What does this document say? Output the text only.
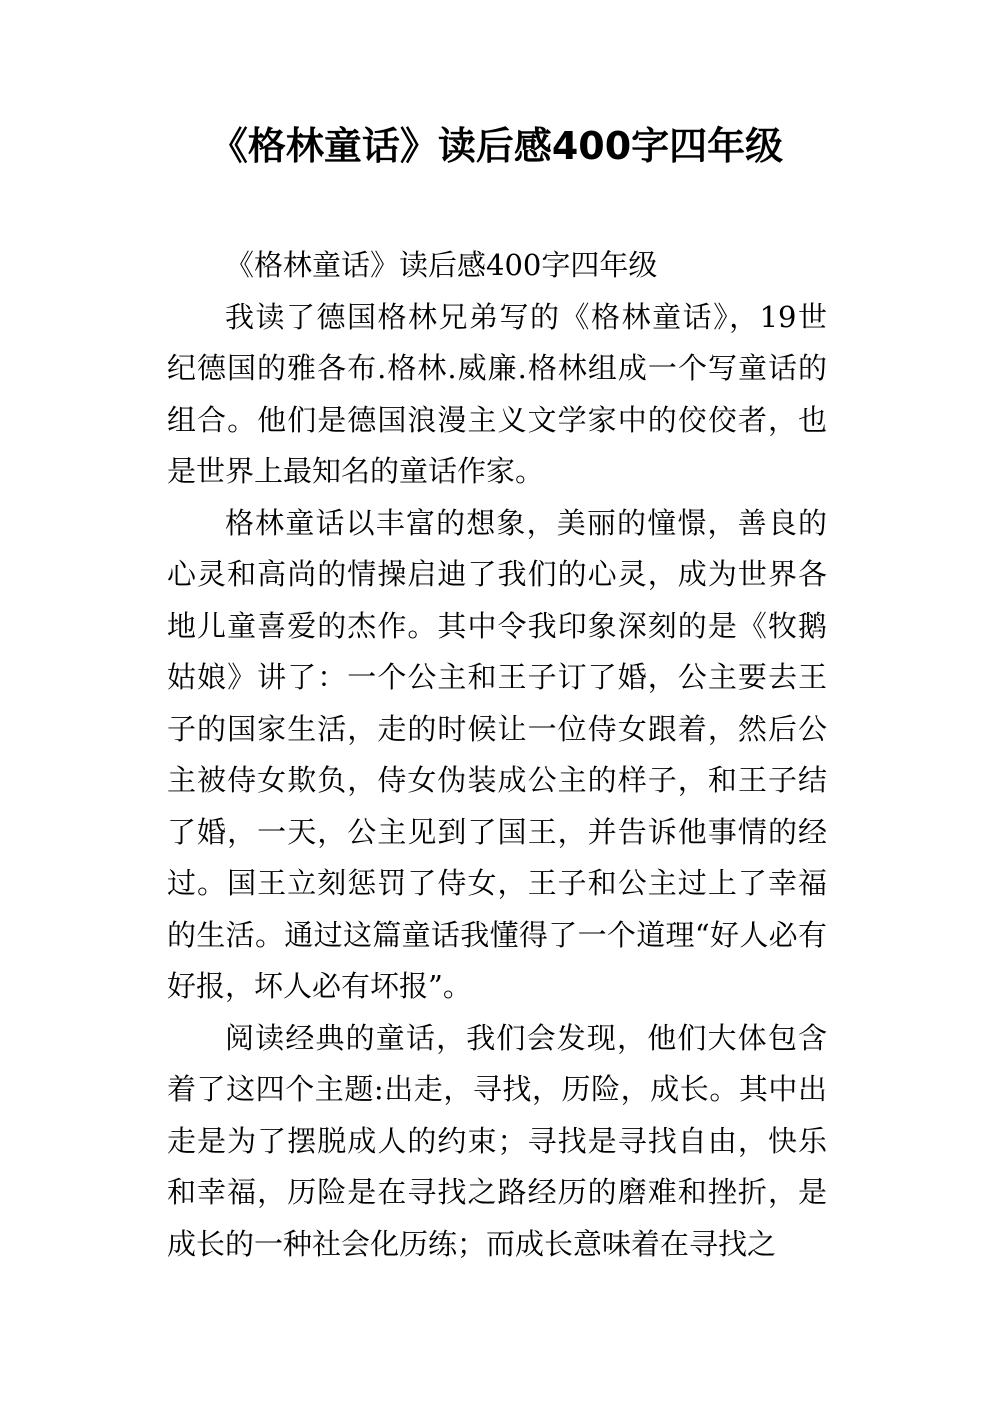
《格林童话》读后感400字四年级

《格林童话》读后感400字四年级

我读了德国格林兄弟写的《格林童话》，19世纪德国的雅各布.格林.威廉.格林组成一个写童话的组合。他们是德国浪漫主义文学家中的佼佼者，也是世界上最知名的童话作家。

格林童话以丰富的想象，美丽的憧憬，善良的心灵和高尚的情操启迪了我们的心灵，成为世界各地儿童喜爱的杰作。其中令我印象深刻的是《牧鹅姑娘》讲了：一个公主和王子订了婚，公主要去王子的国家生活，走的时候让一位侍女跟着，然后公主被侍女欺负，侍女伪装成公主的样子，和王子结了婚，一天，公主见到了国王，并告诉他事情的经过。国王立刻惩罚了侍女，王子和公主过上了幸福的生活。通过这篇童话我懂得了一个道理“好人必有好报，坏人必有坏报”。

阅读经典的童话，我们会发现，他们大体包含着了这四个主题:出走，寻找，历险，成长。其中出走是为了摆脱成人的约束；寻找是寻找自由，快乐和幸福，历险是在寻找之路经历的磨难和挫折，是成长的一种社会化历练；而成长意味着在寻找之
